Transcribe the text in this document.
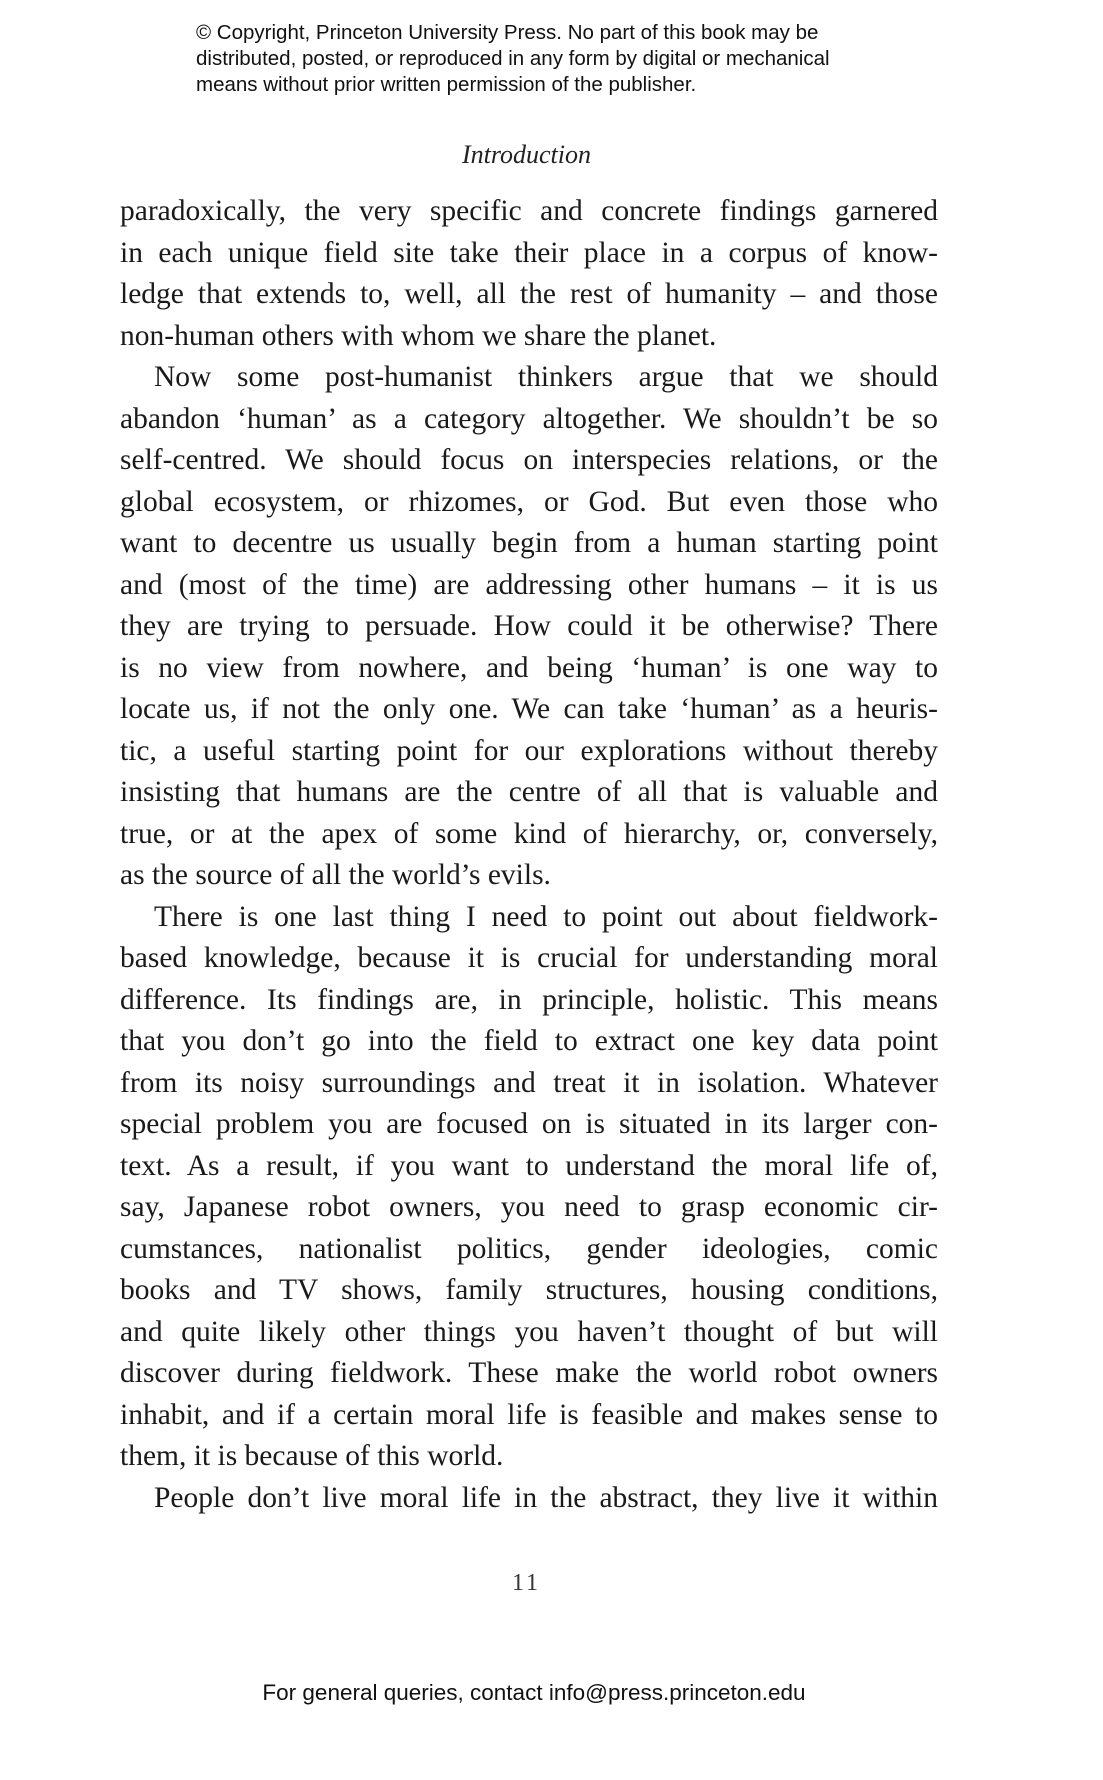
© Copyright, Princeton University Press. No part of this book may be
distributed, posted, or reproduced in any form by digital or mechanical
means without prior written permission of the publisher.
Introduction
paradoxically, the very specific and concrete findings garnered
in each unique field site take their place in a corpus of know-
ledge that extends to, well, all the rest of humanity – and those
non-human others with whom we share the planet.
Now some post-humanist thinkers argue that we should
abandon ‘human’ as a category altogether. We shouldn’t be so
self-centred. We should focus on interspecies relations, or the
global ecosystem, or rhizomes, or God. But even those who
want to decentre us usually begin from a human starting point
and (most of the time) are addressing other humans – it is us
they are trying to persuade. How could it be otherwise? There
is no view from nowhere, and being ‘human’ is one way to
locate us, if not the only one. We can take ‘human’ as a heuris-
tic, a useful starting point for our explorations without thereby
insisting that humans are the centre of all that is valuable and
true, or at the apex of some kind of hierarchy, or, conversely,
as the source of all the world’s evils.
There is one last thing I need to point out about fieldwork-
based knowledge, because it is crucial for understanding moral
difference. Its findings are, in principle, holistic. This means
that you don’t go into the field to extract one key data point
from its noisy surroundings and treat it in isolation. Whatever
special problem you are focused on is situated in its larger con-
text. As a result, if you want to understand the moral life of,
say, Japanese robot owners, you need to grasp economic cir-
cumstances, nationalist politics, gender ideologies, comic
books and TV shows, family structures, housing conditions,
and quite likely other things you haven’t thought of but will
discover during fieldwork. These make the world robot owners
inhabit, and if a certain moral life is feasible and makes sense to
them, it is because of this world.
People don’t live moral life in the abstract, they live it within
11
For general queries, contact info@press.princeton.edu
